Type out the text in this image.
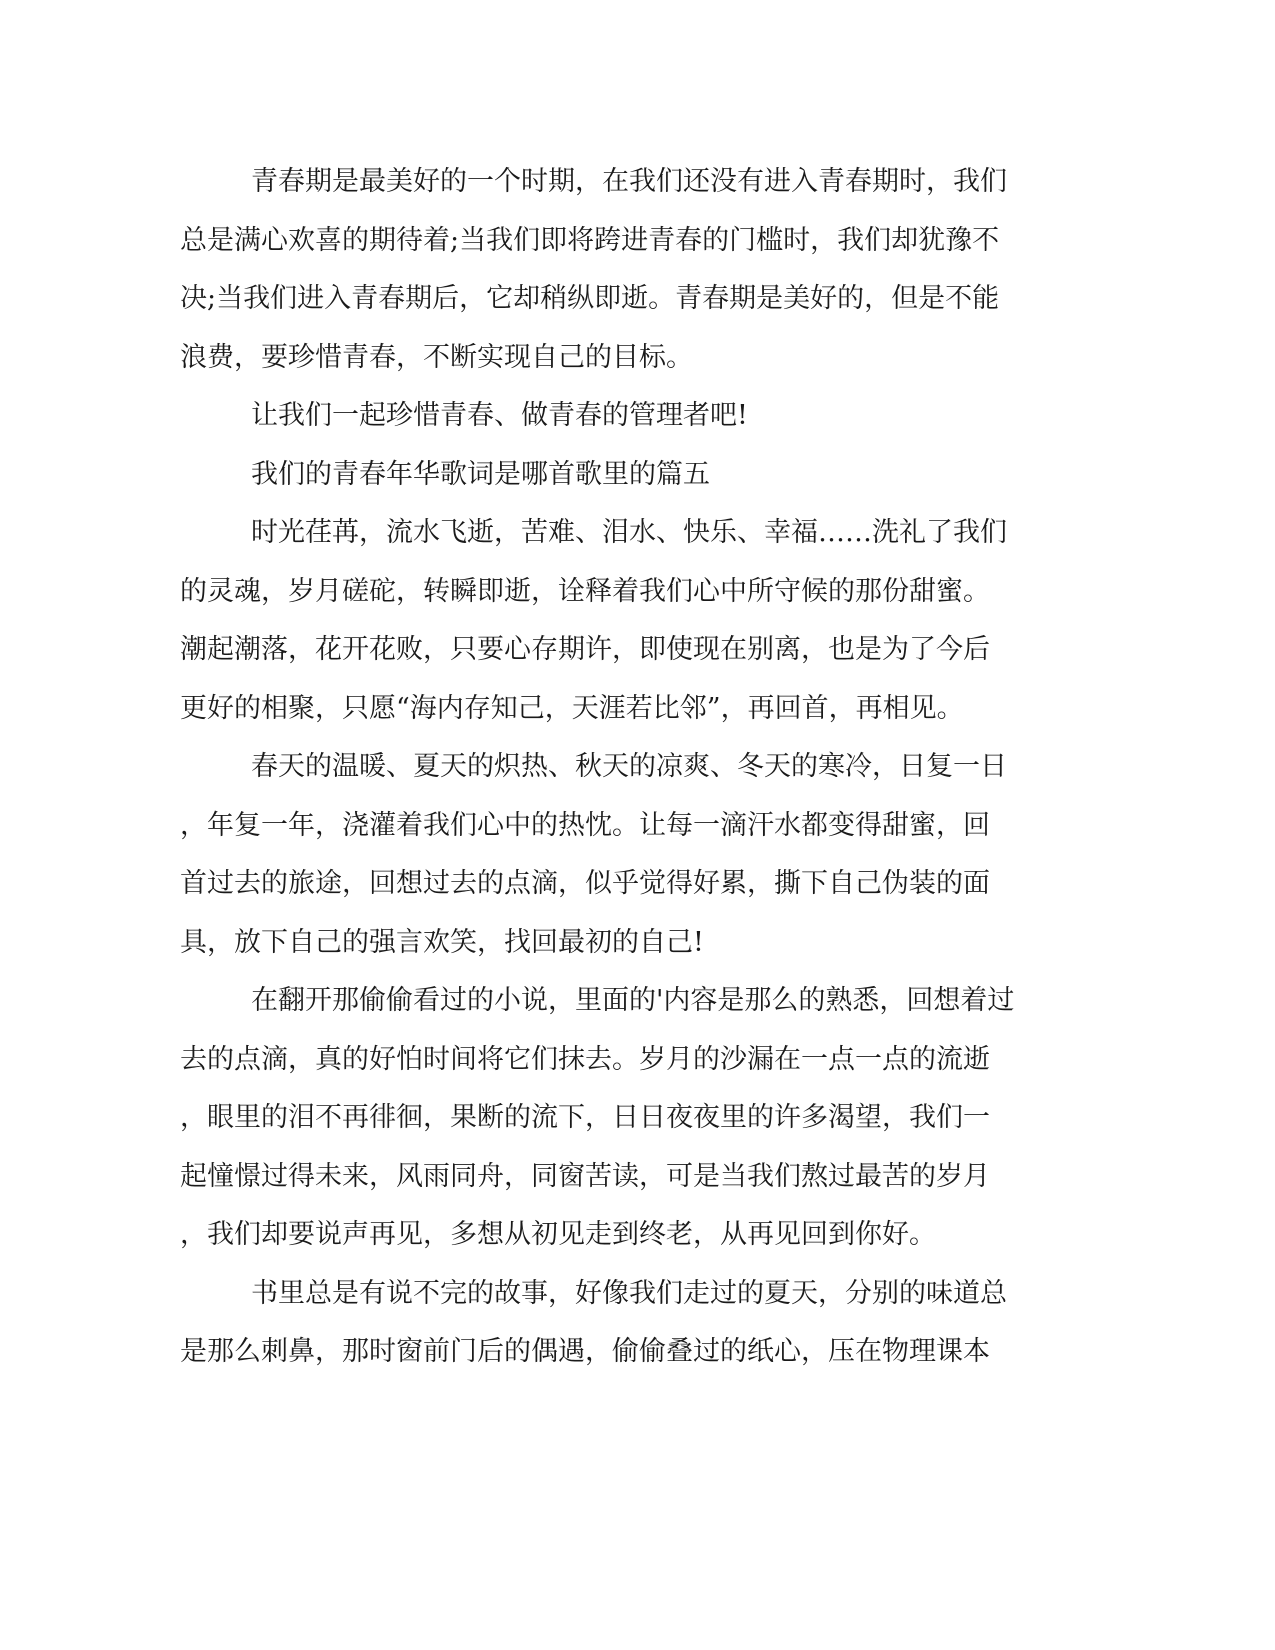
青春期是最美好的一个时期，在我们还没有进入青春期时，我们
总是满心欢喜的期待着;当我们即将跨进青春的门槛时，我们却犹豫不
决;当我们进入青春期后，它却稍纵即逝。青春期是美好的，但是不能
浪费，要珍惜青春，不断实现自己的目标。
让我们一起珍惜青春、做青春的管理者吧!
我们的青春年华歌词是哪首歌里的篇五
时光荏苒，流水飞逝，苦难、泪水、快乐、幸福……洗礼了我们
的灵魂，岁月磋砣，转瞬即逝，诠释着我们心中所守候的那份甜蜜。
潮起潮落，花开花败，只要心存期许，即使现在别离，也是为了今后
更好的相聚，只愿“海内存知己，天涯若比邻”，再回首，再相见。
春天的温暖、夏天的炽热、秋天的凉爽、冬天的寒冷，日复一日
，年复一年，浇灌着我们心中的热忱。让每一滴汗水都变得甜蜜，回
首过去的旅途，回想过去的点滴，似乎觉得好累，撕下自己伪装的面
具，放下自己的强言欢笑，找回最初的自己!
在翻开那偷偷看过的小说，里面的'内容是那么的熟悉，回想着过
去的点滴，真的好怕时间将它们抹去。岁月的沙漏在一点一点的流逝
，眼里的泪不再徘徊，果断的流下，日日夜夜里的许多渴望，我们一
起憧憬过得未来，风雨同舟，同窗苦读，可是当我们熬过最苦的岁月
，我们却要说声再见，多想从初见走到终老，从再见回到你好。
书里总是有说不完的故事，好像我们走过的夏天，分别的味道总
是那么刺鼻，那时窗前门后的偶遇，偷偷叠过的纸心，压在物理课本
